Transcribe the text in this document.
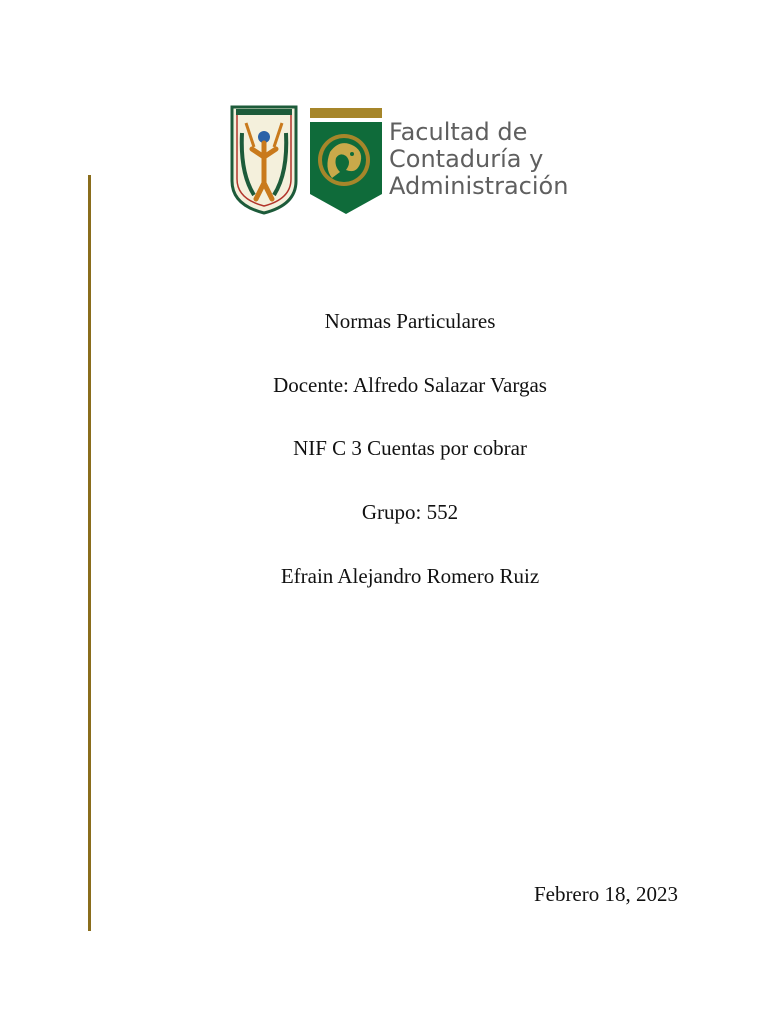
Facultad de
Contaduría y
Administración
Normas Particulares
Docente: Alfredo Salazar Vargas
NIF C 3 Cuentas por cobrar
Grupo: 552
Efrain Alejandro Romero Ruiz
Febrero 18, 2023
